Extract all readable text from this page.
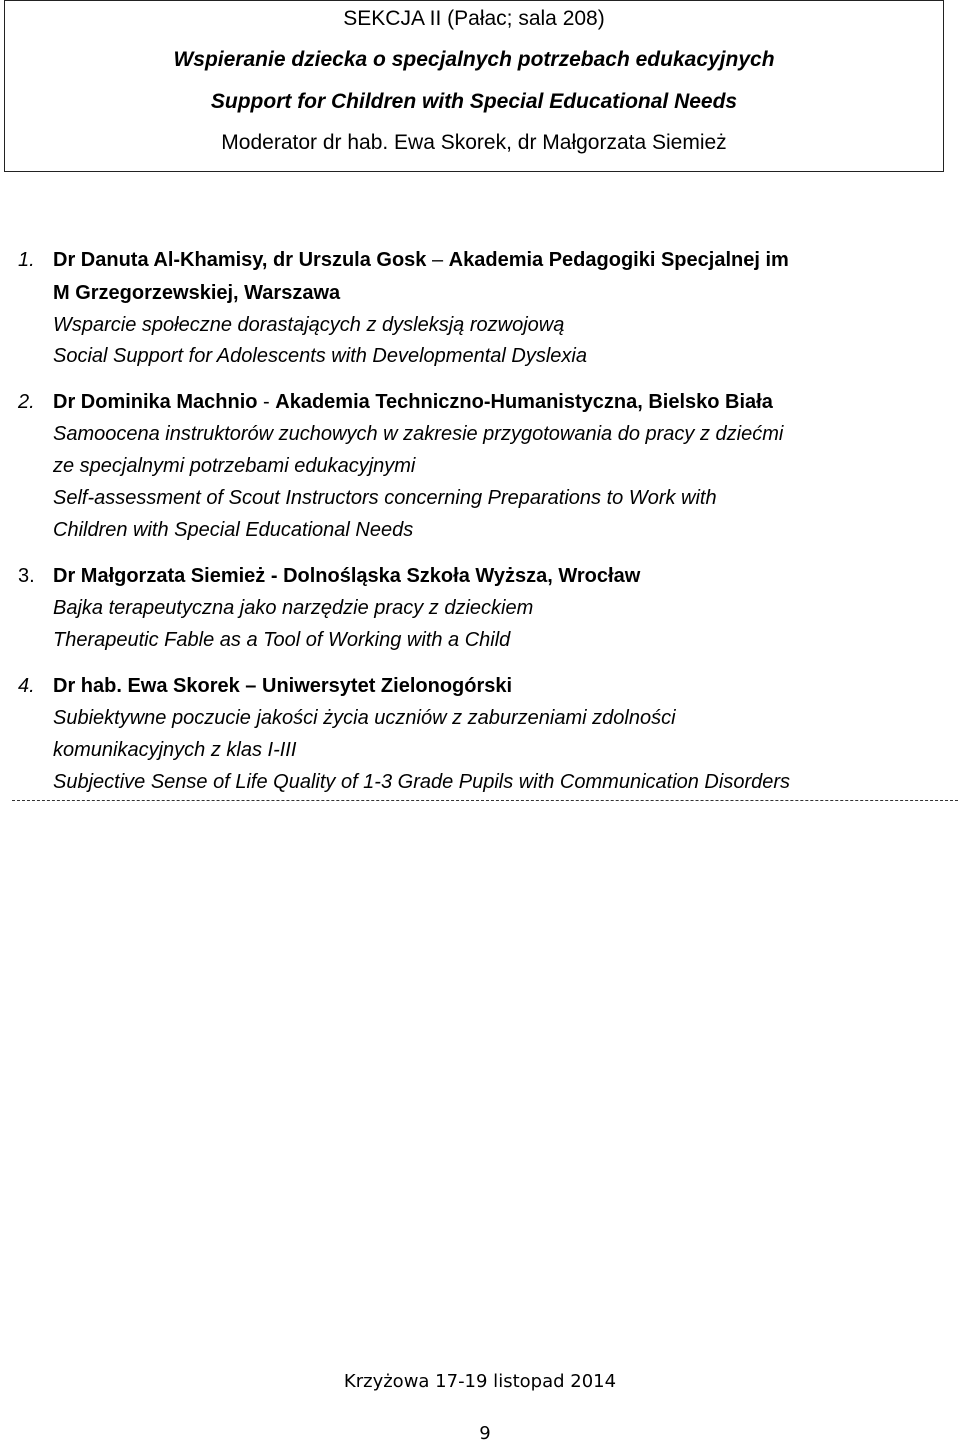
SEKCJA II (Pałac; sala 208)
Wspieranie dziecka o specjalnych potrzebach edukacyjnych
Support for Children with Special Educational Needs
Moderator dr hab. Ewa Skorek, dr Małgorzata Siemież
1. Dr Danuta Al-Khamisy, dr Urszula Gosk – Akademia Pedagogiki Specjalnej im
M Grzegorzewskiej, Warszawa
Wsparcie społeczne dorastających z dysleksją rozwojową
Social Support for Adolescents with Developmental Dyslexia
2. Dr Dominika Machnio - Akademia Techniczno-Humanistyczna, Bielsko Biała
Samoocena instruktorów zuchowych w zakresie przygotowania do pracy z dziećmi
ze specjalnymi potrzebami edukacyjnymi
Self-assessment of Scout Instructors concerning Preparations to Work with
Children with Special Educational Needs
3. Dr Małgorzata Siemież - Dolnośląska Szkoła Wyższa, Wrocław
Bajka terapeutyczna jako narzędzie pracy z dzieckiem
Therapeutic Fable as a Tool of Working with a Child
4. Dr hab. Ewa Skorek – Uniwersytet Zielonogórski
Subiektywne poczucie jakości życia uczniów z zaburzeniami zdolności
komunikacyjnych z klas I-III
Subjective Sense of Life Quality of 1-3 Grade Pupils with Communication Disorders
Krzyżowa 17-19 listopad 2014
9
